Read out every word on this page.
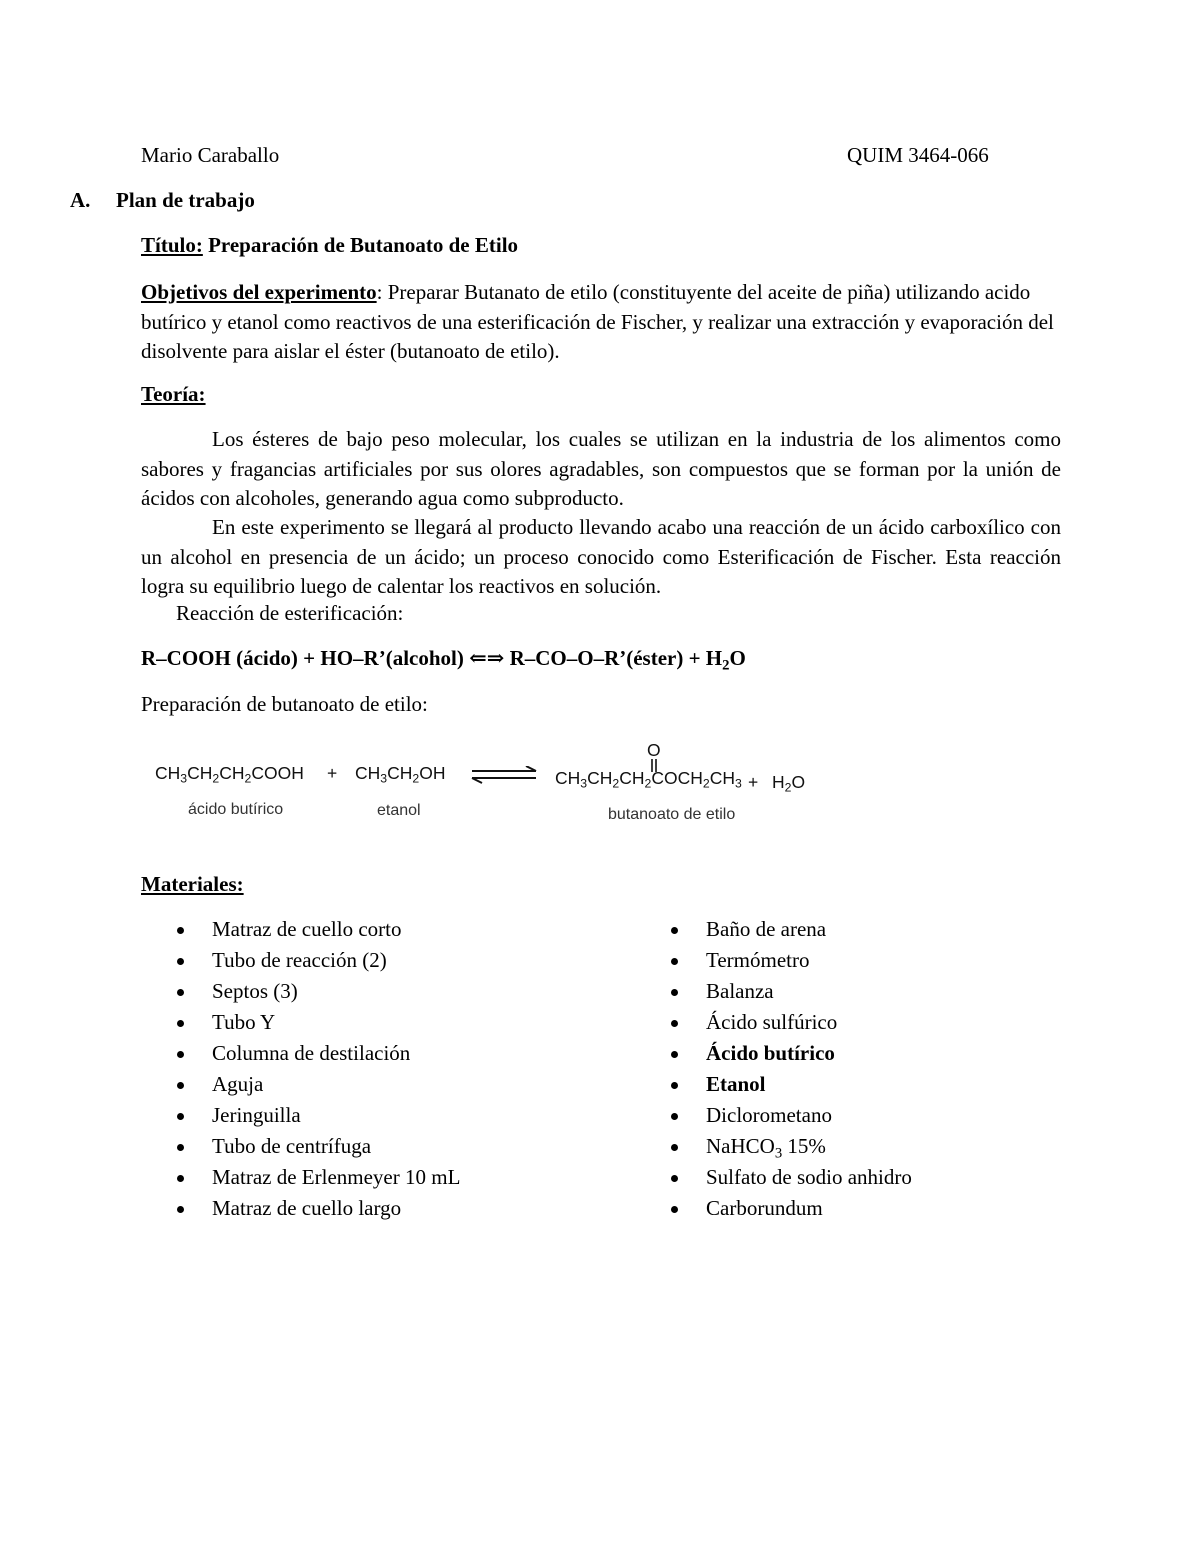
Mario Caraballo	QUIM 3464-066
A. Plan de trabajo
Título: Preparación de Butanoato de Etilo
Objetivos del experimento: Preparar Butanato de etilo (constituyente del aceite de piña) utilizando acido butírico y etanol como reactivos de una esterificación de Fischer, y realizar una extracción y evaporación del disolvente para aislar el éster (butanoato de etilo).
Teoría:
Los ésteres de bajo peso molecular, los cuales se utilizan en la industria de los alimentos como sabores y fragancias artificiales por sus olores agradables, son compuestos que se forman por la unión de ácidos con alcoholes, generando agua como subproducto.
En este experimento se llegará al producto llevando acabo una reacción de un ácido carboxílico con un alcohol en presencia de un ácido; un proceso conocido como Esterificación de Fischer. Esta reacción logra su equilibrio luego de calentar los reactivos en solución.
Reacción de esterificación:
R–COOH (ácido) + HO–R’(alcohol) ⇐⇒ R–CO–O–R’(éster) + $H_2O$
Preparación de butanoato de etilo:
$CH_3CH_2CH_2COOH + CH_3CH_2OH$ ⇌
O
$CH_3CH_2CH_2COCH_2CH_3 + H_2O$
ácido butírico	etanol	butanoato de etilo
Materiales:
Matraz de cuello corto
Tubo de reacción (2)
Septos (3)
Tubo Y
Columna de destilación
Aguja
Jeringuilla
Tubo de centrífuga
Matraz de Erlenmeyer 10 mL
Matraz de cuello largo
Baño de arena
Termómetro
Balanza
Ácido sulfúrico
Ácido butírico
Etanol
Diclorometano
NaHCO$_3$ 15%
Sulfato de sodio anhidro
Carborundum
